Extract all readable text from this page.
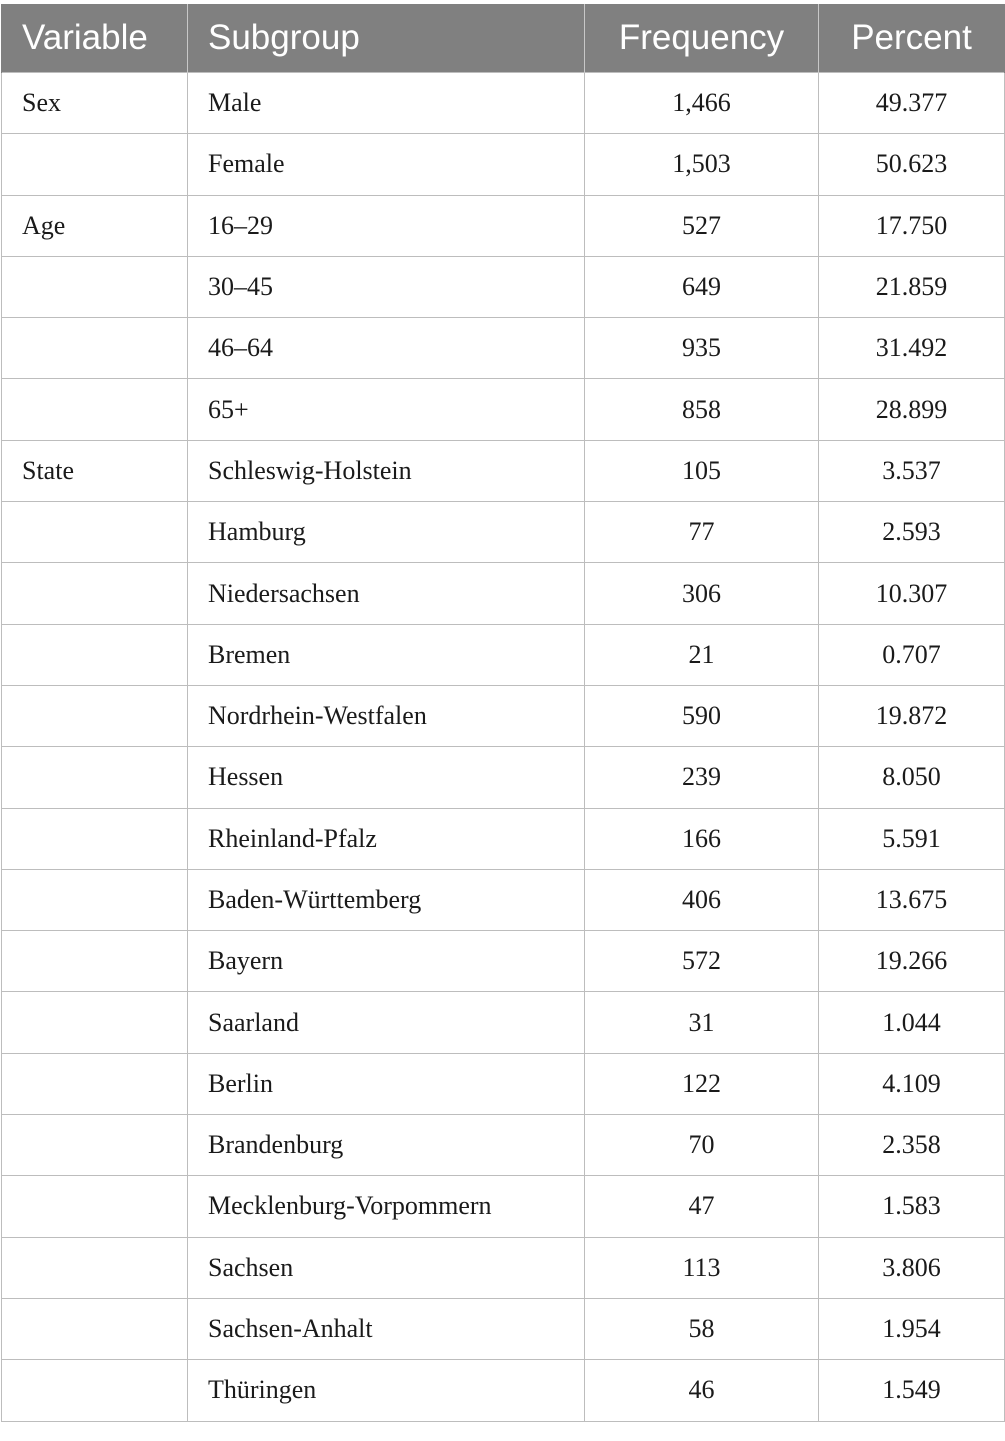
Variable	Subgroup	Frequency	Percent
Sex	Male	1,466	49.377
	Female	1,503	50.623
Age	16–29	527	17.750
	30–45	649	21.859
	46–64	935	31.492
	65+	858	28.899
State	Schleswig-Holstein	105	3.537
	Hamburg	77	2.593
	Niedersachsen	306	10.307
	Bremen	21	0.707
	Nordrhein-Westfalen	590	19.872
	Hessen	239	8.050
	Rheinland-Pfalz	166	5.591
	Baden-Württemberg	406	13.675
	Bayern	572	19.266
	Saarland	31	1.044
	Berlin	122	4.109
	Brandenburg	70	2.358
	Mecklenburg-Vorpommern	47	1.583
	Sachsen	113	3.806
	Sachsen-Anhalt	58	1.954
	Thüringen	46	1.549
